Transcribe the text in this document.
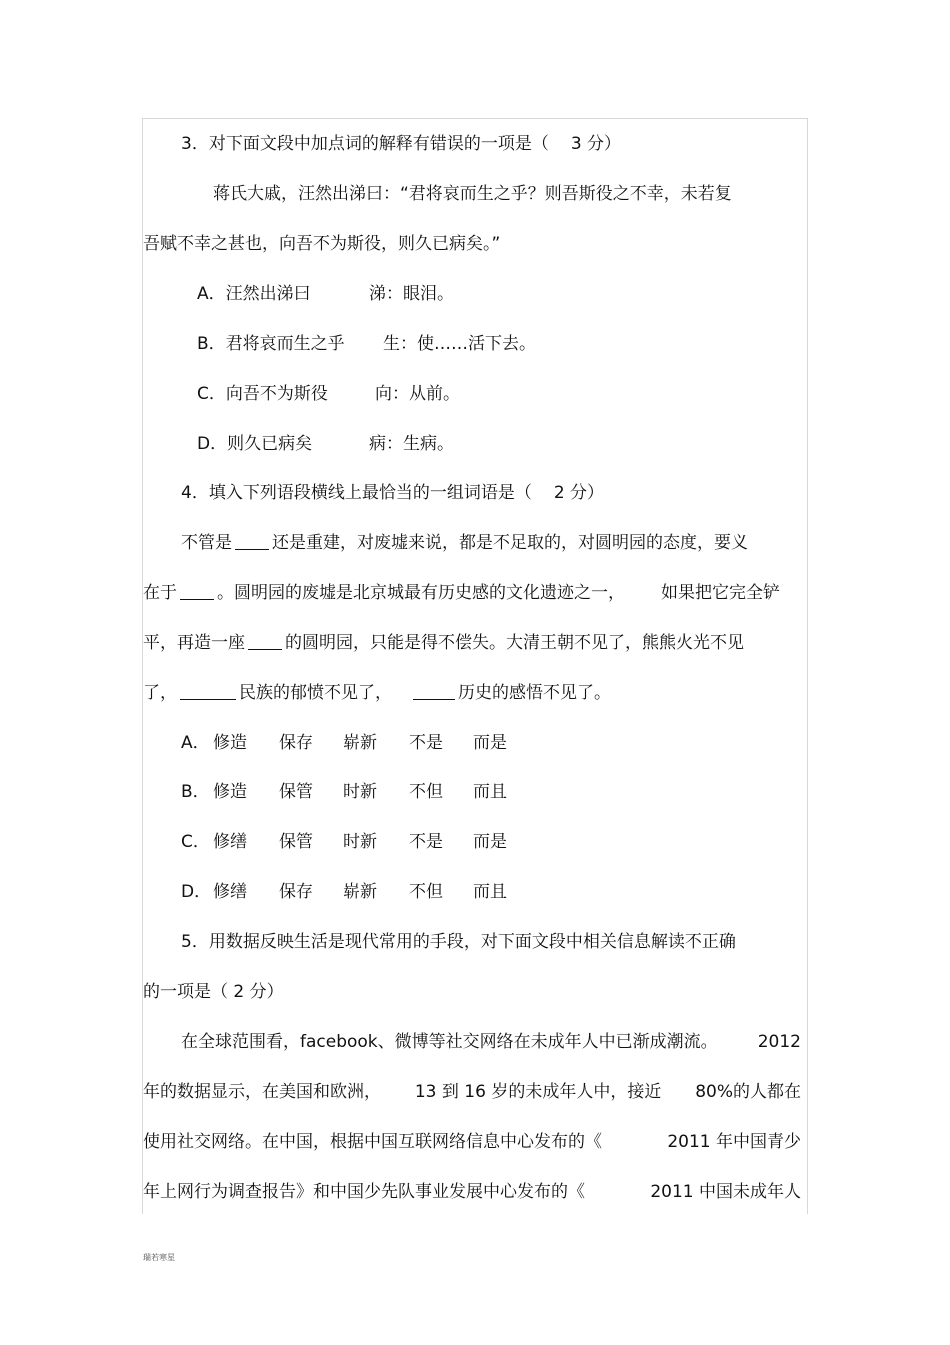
3．对下面文段中加点词的解释有错误的一项是（ 3 分）
蒋氏大戚，汪然出涕曰：“君将哀而生之乎？则吾斯役之不幸，未若复
吾赋不幸之甚也，向吾不为斯役，则久已病矣。”
A．汪然出涕曰	涕：眼泪。
B．君将哀而生之乎 生：使……活下去。
C．向吾不为斯役	向：从前。
D．则久已病矣	病：生病。
4．填入下列语段横线上最恰当的一组词语是（ 2 分）
不管是 还是重建，对废墟来说，都是不足取的，对圆明园的态度，要义
在于 。圆明园的废墟是北京城最有历史感的文化遗迹之一， 如果把它完全铲
平，再造一座 的圆明园，只能是得不偿失。大清王朝不见了，熊熊火光不见
了，	民族的郁愤不见了，	历史的感悟不见了。
A． 修造 保存 崭新 不是 而是
B． 修造 保管 时新 不但 而且
C． 修缮 保管 时新 不是 而是
D． 修缮 保存 崭新 不但 而且
5．用数据反映生活是现代常用的手段，对下面文段中相关信息解读不正确
的一项是（ 2 分）
在全球范围看，facebook、微博等社交网络在未成年人中已渐成潮流。 2012
年的数据显示，在美国和欧洲， 13 到 16 岁的未成年人中，接近 80%的人都在
使用社交网络。在中国，根据中国互联网络信息中心发布的《	2011 年中国青少
年上网行为调查报告》和中国少先队事业发展中心发布的《	2011 中国未成年人
瑞若寒星
